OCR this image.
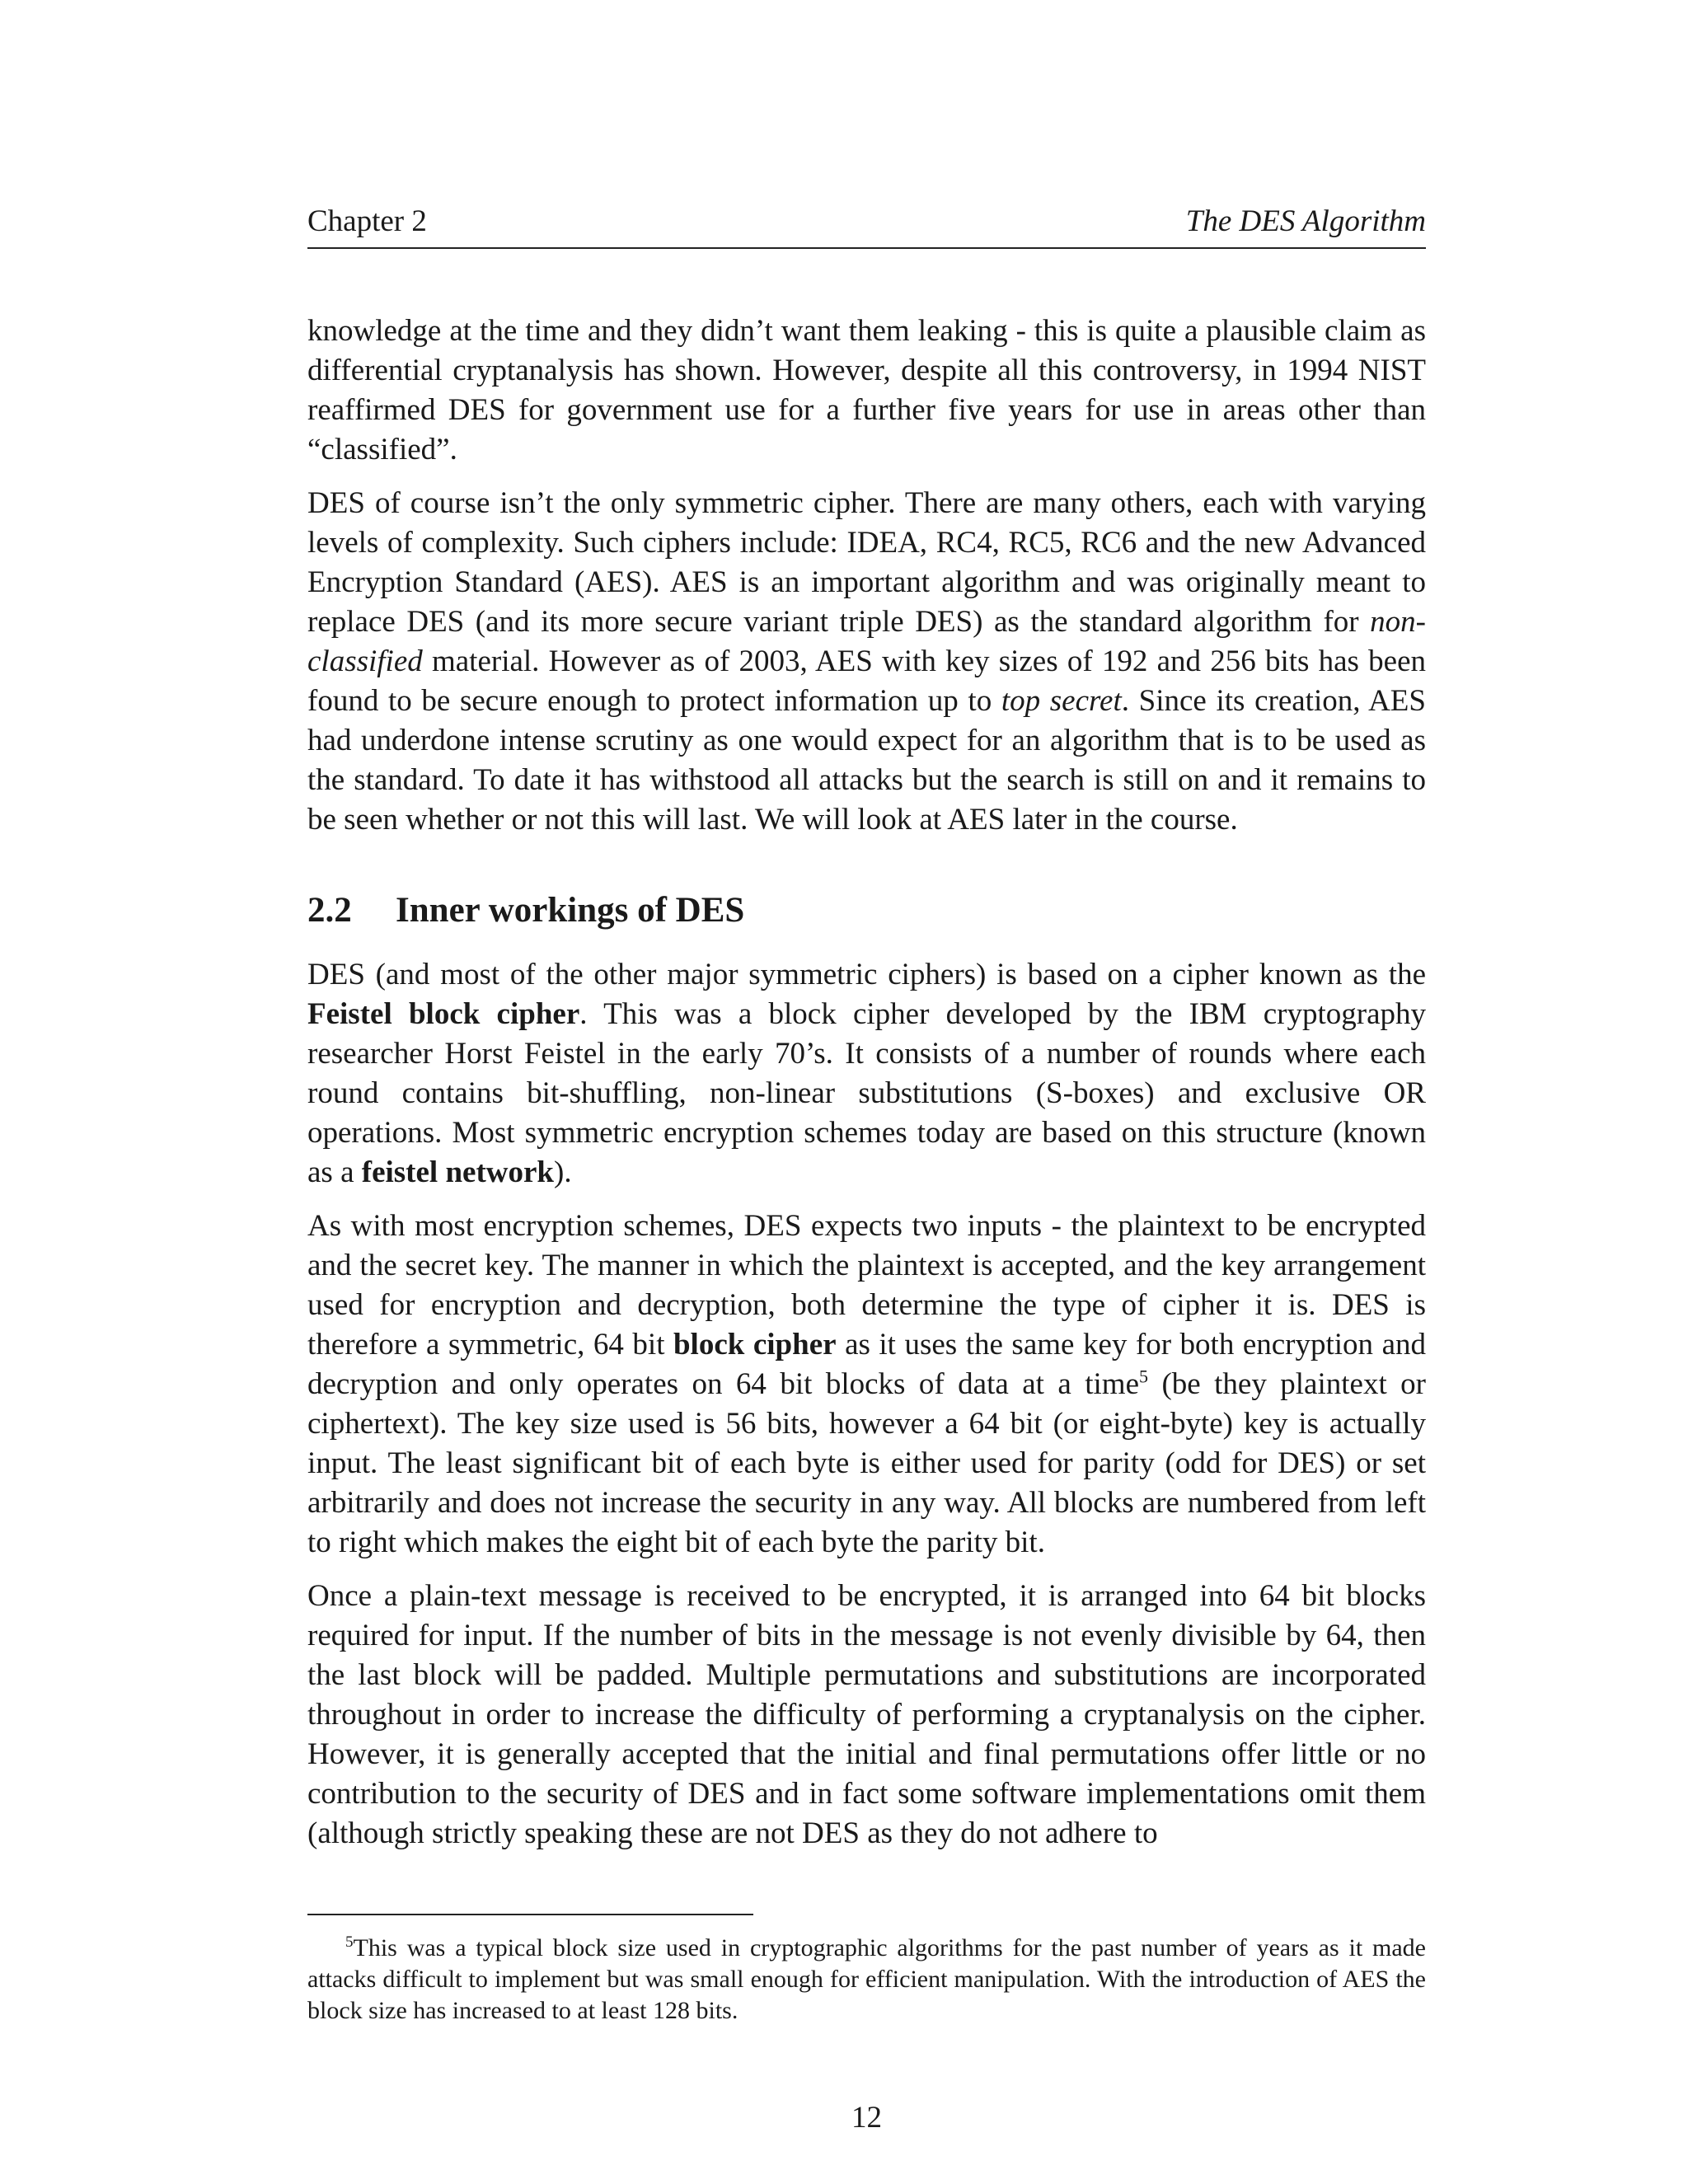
Chapter 2	The DES Algorithm

knowledge at the time and they didn’t want them leaking - this is quite a plausible claim as differential cryptanalysis has shown. However, despite all this controversy, in 1994 NIST reaffirmed DES for government use for a further five years for use in areas other than “classified”.

DES of course isn’t the only symmetric cipher. There are many others, each with varying levels of complexity. Such ciphers include: IDEA, RC4, RC5, RC6 and the new Advanced Encryption Standard (AES). AES is an important algorithm and was originally meant to replace DES (and its more secure variant triple DES) as the standard algorithm for non-classified material. However as of 2003, AES with key sizes of 192 and 256 bits has been found to be secure enough to protect information up to top secret. Since its creation, AES had underdone intense scrutiny as one would expect for an algorithm that is to be used as the standard. To date it has withstood all attacks but the search is still on and it remains to be seen whether or not this will last. We will look at AES later in the course.

2.2 Inner workings of DES

DES (and most of the other major symmetric ciphers) is based on a cipher known as the Feistel block cipher. This was a block cipher developed by the IBM cryptography researcher Horst Feistel in the early 70’s. It consists of a number of rounds where each round contains bit-shuffling, non-linear substitutions (S-boxes) and exclusive OR operations. Most symmetric encryption schemes today are based on this structure (known as a feistel network).

As with most encryption schemes, DES expects two inputs - the plaintext to be encrypted and the secret key. The manner in which the plaintext is accepted, and the key arrangement used for encryption and decryption, both determine the type of cipher it is. DES is therefore a symmetric, 64 bit block cipher as it uses the same key for both encryption and decryption and only operates on 64 bit blocks of data at a time$^5$ (be they plaintext or ciphertext). The key size used is 56 bits, however a 64 bit (or eight-byte) key is actually input. The least significant bit of each byte is either used for parity (odd for DES) or set arbitrarily and does not increase the security in any way. All blocks are numbered from left to right which makes the eight bit of each byte the parity bit.

Once a plain-text message is received to be encrypted, it is arranged into 64 bit blocks required for input. If the number of bits in the message is not evenly divisible by 64, then the last block will be padded. Multiple permutations and substitutions are incorporated throughout in order to increase the difficulty of performing a cryptanalysis on the cipher. However, it is generally accepted that the initial and final permutations offer little or no contribution to the security of DES and in fact some software implementations omit them (although strictly speaking these are not DES as they do not adhere to

$^5$This was a typical block size used in cryptographic algorithms for the past number of years as it made attacks difficult to implement but was small enough for efficient manipulation. With the introduction of AES the block size has increased to at least 128 bits.
12
